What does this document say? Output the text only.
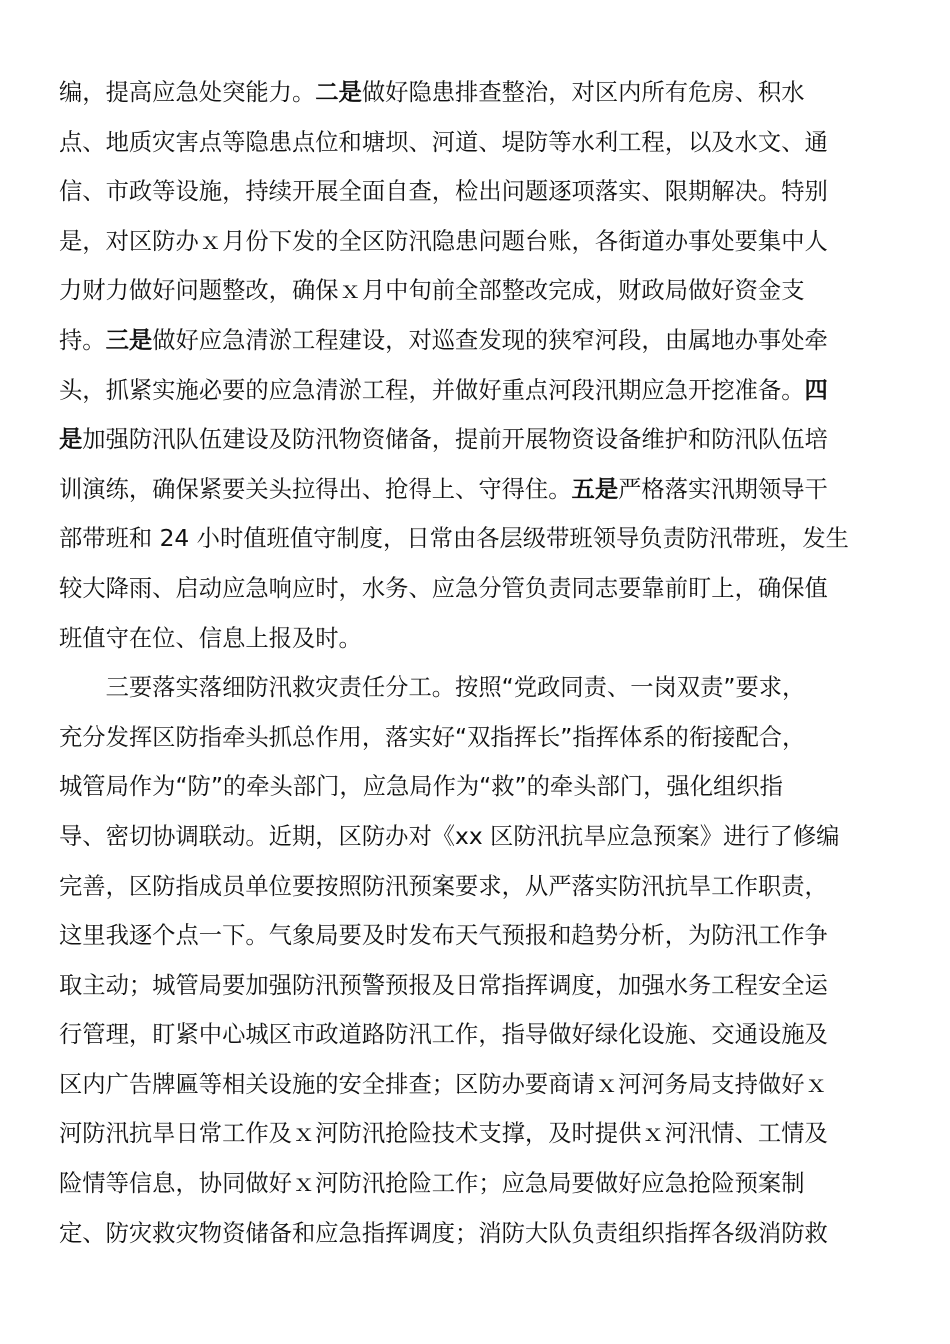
编，提高应急处突能力。二是做好隐患排查整治，对区内所有危房、积水
点、地质灾害点等隐患点位和塘坝、河道、堤防等水利工程，以及水文、通
信、市政等设施，持续开展全面自查，检出问题逐项落实、限期解决。特别
是，对区防办ｘ月份下发的全区防汛隐患问题台账，各街道办事处要集中人
力财力做好问题整改，确保ｘ月中旬前全部整改完成，财政局做好资金支
持。三是做好应急清淤工程建设，对巡查发现的狭窄河段，由属地办事处牵
头，抓紧实施必要的应急清淤工程，并做好重点河段汛期应急开挖准备。四
是加强防汛队伍建设及防汛物资储备，提前开展物资设备维护和防汛队伍培
训演练，确保紧要关头拉得出、抢得上、守得住。五是严格落实汛期领导干
部带班和 24 小时值班值守制度，日常由各层级带班领导负责防汛带班，发生
较大降雨、启动应急响应时，水务、应急分管负责同志要靠前盯上，确保值
班值守在位、信息上报及时。
三要落实落细防汛救灾责任分工。按照“党政同责、一岗双责”要求，
充分发挥区防指牵头抓总作用，落实好“双指挥长”指挥体系的衔接配合，
城管局作为“防”的牵头部门，应急局作为“救”的牵头部门，强化组织指
导、密切协调联动。近期，区防办对《xx 区防汛抗旱应急预案》进行了修编
完善，区防指成员单位要按照防汛预案要求，从严落实防汛抗旱工作职责，
这里我逐个点一下。气象局要及时发布天气预报和趋势分析，为防汛工作争
取主动；城管局要加强防汛预警预报及日常指挥调度，加强水务工程安全运
行管理，盯紧中心城区市政道路防汛工作，指导做好绿化设施、交通设施及
区内广告牌匾等相关设施的安全排查；区防办要商请ｘ河河务局支持做好ｘ
河防汛抗旱日常工作及ｘ河防汛抢险技术支撑，及时提供ｘ河汛情、工情及
险情等信息，协同做好ｘ河防汛抢险工作；应急局要做好应急抢险预案制
定、防灾救灾物资储备和应急指挥调度；消防大队负责组织指挥各级消防救
